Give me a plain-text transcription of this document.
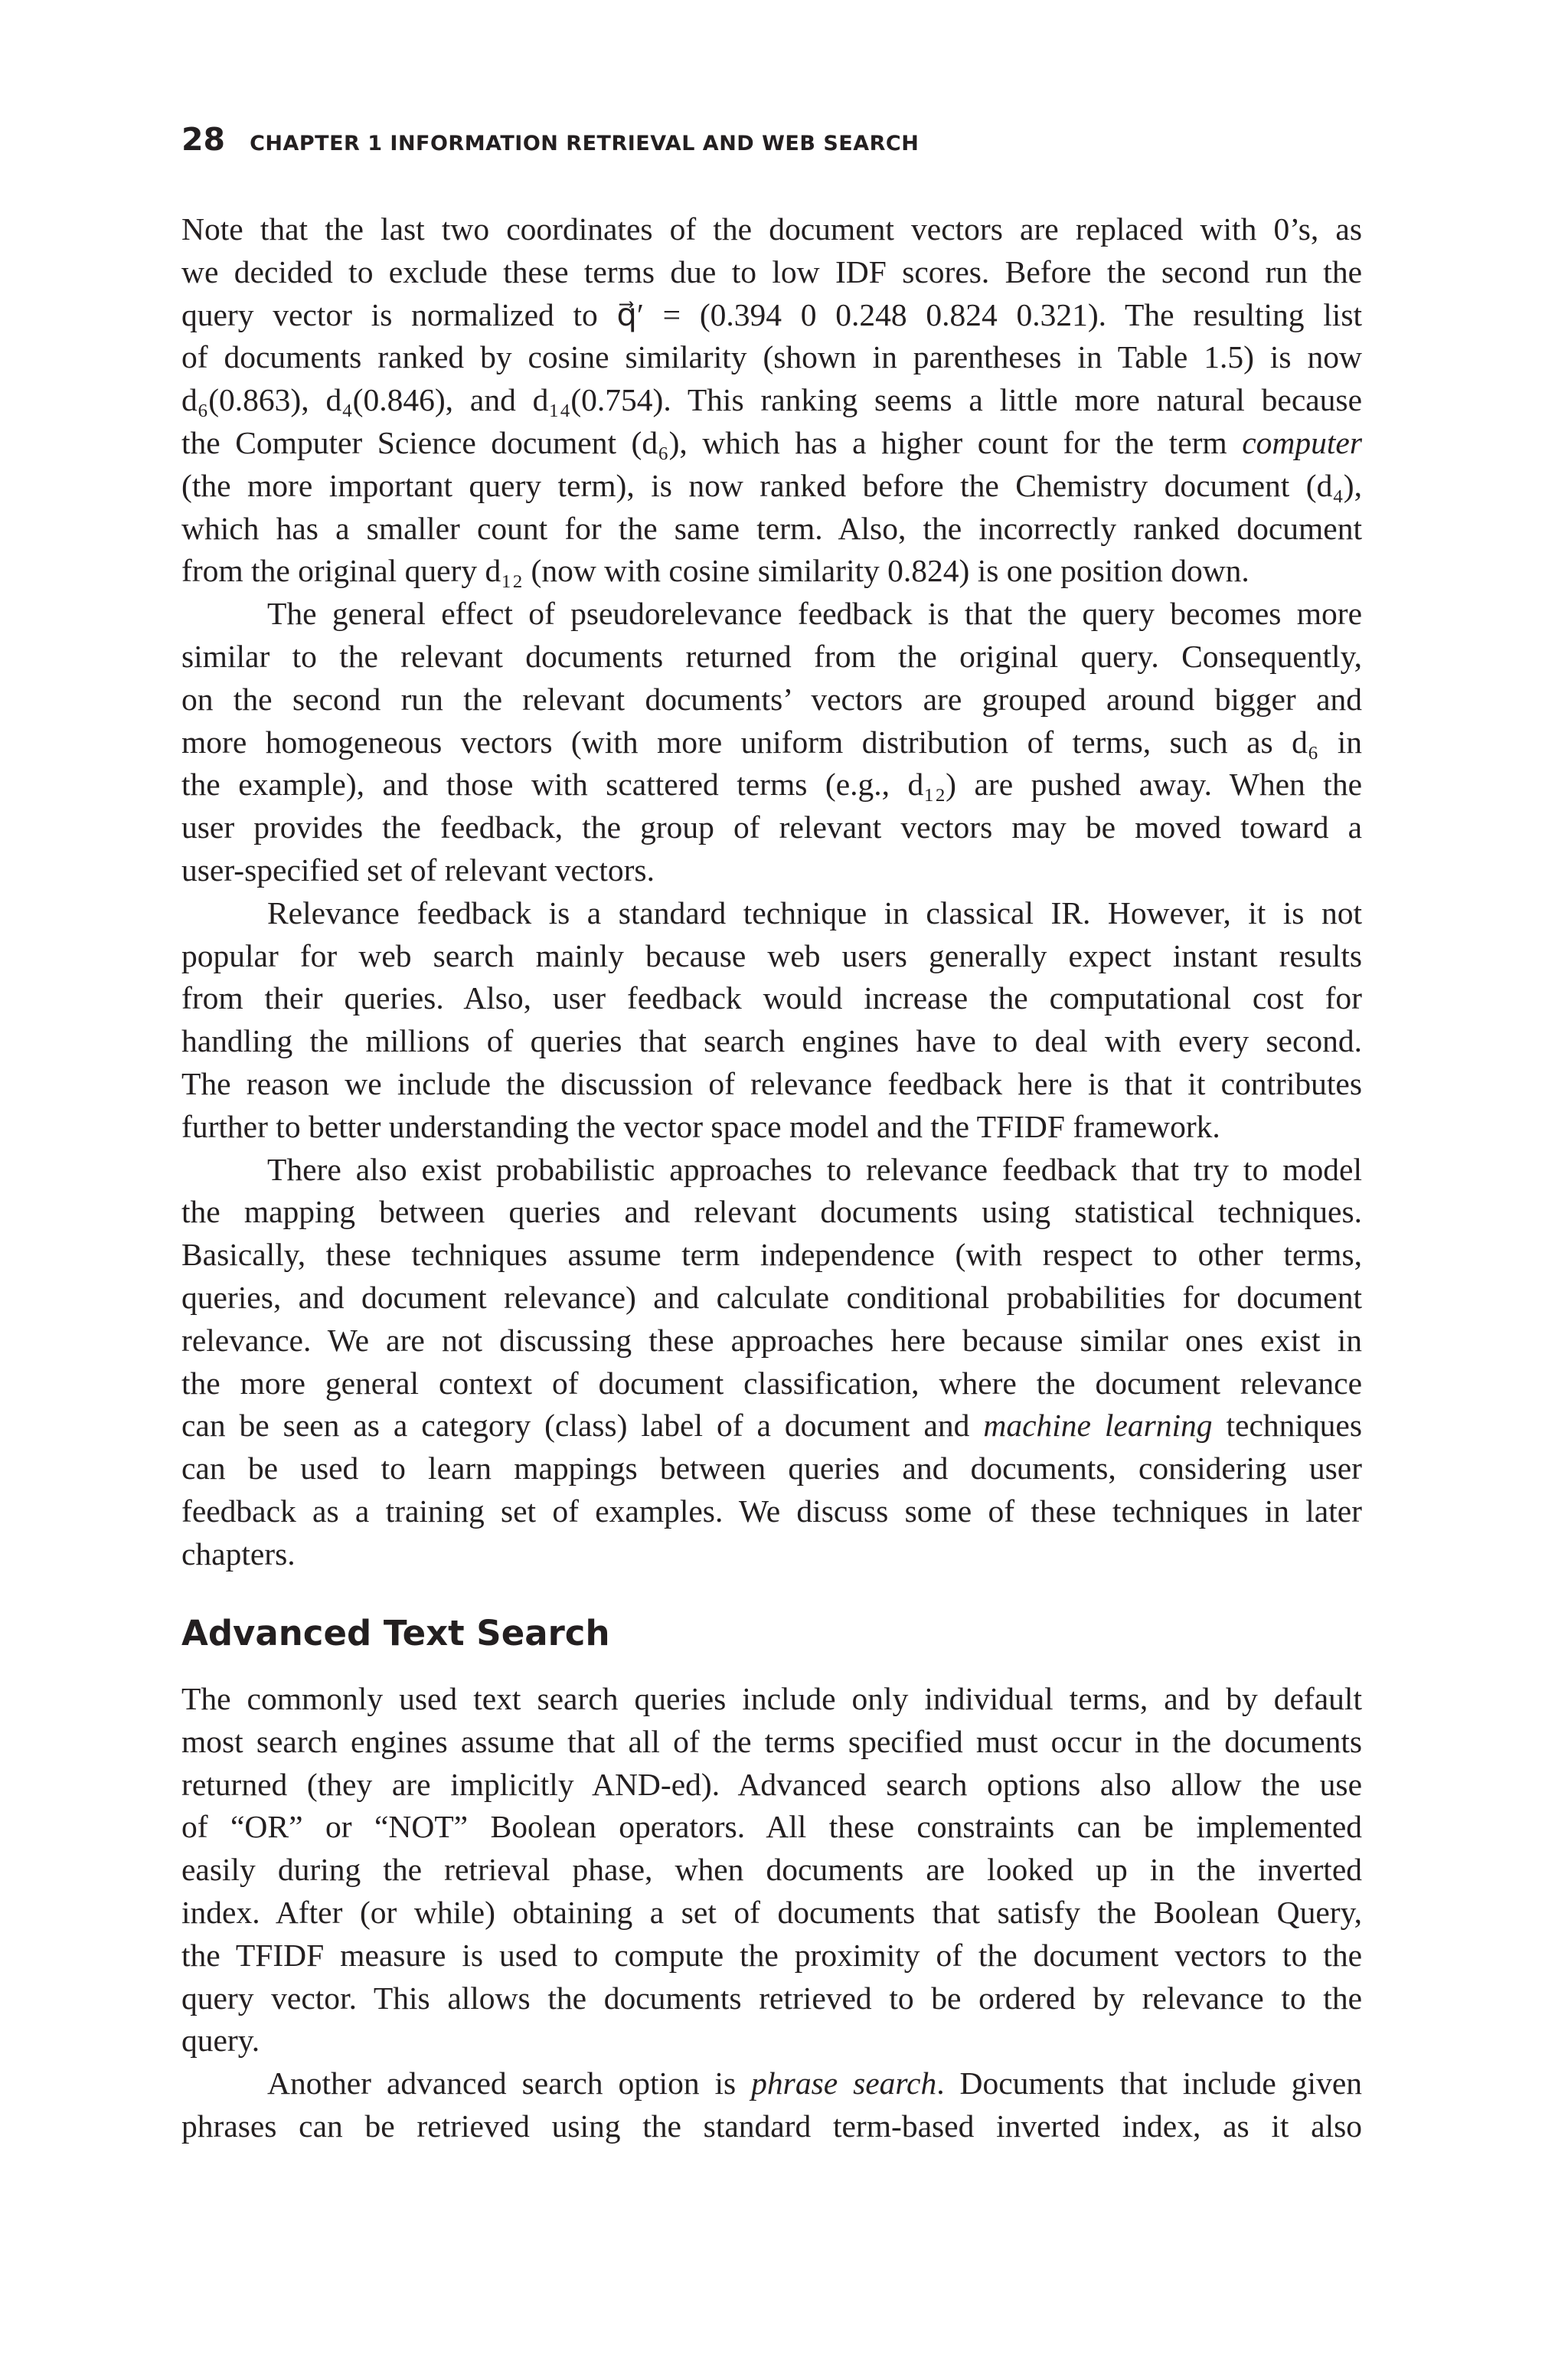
28 CHAPTER 1 INFORMATION RETRIEVAL AND WEB SEARCH
Note that the last two coordinates of the document vectors are replaced with 0’s, as
we decided to exclude these terms due to low IDF scores. Before the second run the
query vector is normalized to q⃗′ = (0.394 0 0.248 0.824 0.321). The resulting list
of documents ranked by cosine similarity (shown in parentheses in Table 1.5) is now
d₆(0.863), d₄(0.846), and d₁₄(0.754). This ranking seems a little more natural because
the Computer Science document (d₆), which has a higher count for the term computer
(the more important query term), is now ranked before the Chemistry document (d₄),
which has a smaller count for the same term. Also, the incorrectly ranked document
from the original query d₁₂ (now with cosine similarity 0.824) is one position down.
The general effect of pseudorelevance feedback is that the query becomes more
similar to the relevant documents returned from the original query. Consequently,
on the second run the relevant documents’ vectors are grouped around bigger and
more homogeneous vectors (with more uniform distribution of terms, such as d₆ in
the example), and those with scattered terms (e.g., d₁₂) are pushed away. When the
user provides the feedback, the group of relevant vectors may be moved toward a
user-specified set of relevant vectors.
Relevance feedback is a standard technique in classical IR. However, it is not
popular for web search mainly because web users generally expect instant results
from their queries. Also, user feedback would increase the computational cost for
handling the millions of queries that search engines have to deal with every second.
The reason we include the discussion of relevance feedback here is that it contributes
further to better understanding the vector space model and the TFIDF framework.
There also exist probabilistic approaches to relevance feedback that try to model
the mapping between queries and relevant documents using statistical techniques.
Basically, these techniques assume term independence (with respect to other terms,
queries, and document relevance) and calculate conditional probabilities for document
relevance. We are not discussing these approaches here because similar ones exist in
the more general context of document classification, where the document relevance
can be seen as a category (class) label of a document and machine learning techniques
can be used to learn mappings between queries and documents, considering user
feedback as a training set of examples. We discuss some of these techniques in later
chapters.
Advanced Text Search
The commonly used text search queries include only individual terms, and by default
most search engines assume that all of the terms specified must occur in the documents
returned (they are implicitly AND-ed). Advanced search options also allow the use
of “OR” or “NOT” Boolean operators. All these constraints can be implemented
easily during the retrieval phase, when documents are looked up in the inverted
index. After (or while) obtaining a set of documents that satisfy the Boolean Query,
the TFIDF measure is used to compute the proximity of the document vectors to the
query vector. This allows the documents retrieved to be ordered by relevance to the
query.
Another advanced search option is phrase search. Documents that include given
phrases can be retrieved using the standard term-based inverted index, as it also
